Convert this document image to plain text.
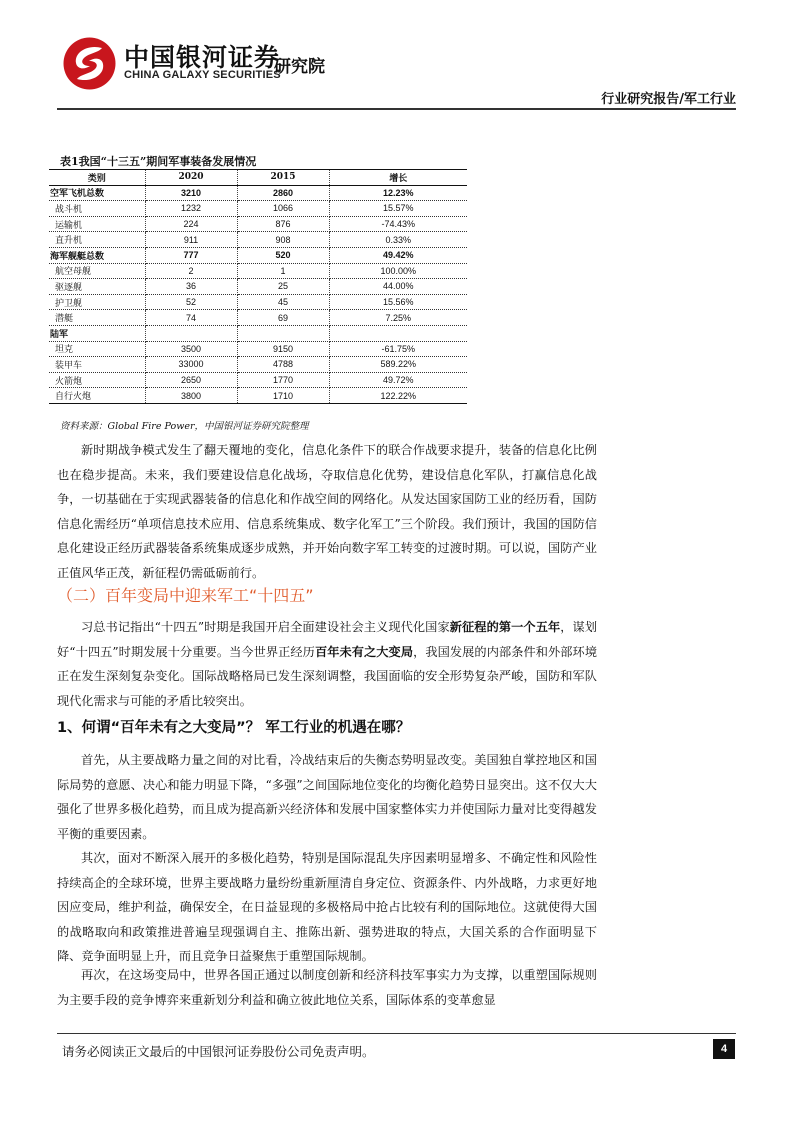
中国银河证券
CHINA GALAXY SECURITIES
研究院
行业研究报告/军工行业
表1我国“十三五”期间军事装备发展情况
类别	2020	2015	增长
空军飞机总数	3210	2860	12.23%
战斗机	1232	1066	15.57%
运输机	224	876	-74.43%
直升机	911	908	0.33%
海军舰艇总数	777	520	49.42%
航空母舰	2	1	100.00%
驱逐舰	36	25	44.00%
护卫舰	52	45	15.56%
潜艇	74	69	7.25%
陆军			
坦克	3500	9150	-61.75%
装甲车	33000	4788	589.22%
火箭炮	2650	1770	49.72%
自行火炮	3800	1710	122.22%
资料来源：Global Fire Power，中国银河证券研究院整理
新时期战争模式发生了翻天覆地的变化，信息化条件下的联合作战要求提升，装备的信息化比例也在稳步提高。未来，我们要建设信息化战场，夺取信息化优势，建设信息化军队，打赢信息化战争，一切基础在于实现武器装备的信息化和作战空间的网络化。从发达国家国防工业的经历看，国防信息化需经历“单项信息技术应用、信息系统集成、数字化军工”三个阶段。我们预计，我国的国防信息化建设正经历武器装备系统集成逐步成熟，并开始向数字军工转变的过渡时期。可以说，国防产业正值风华正茂，新征程仍需砥砺前行。
（二）百年变局中迎来军工“十四五”
习总书记指出“十四五”时期是我国开启全面建设社会主义现代化国家新征程的第一个五年，谋划好“十四五”时期发展十分重要。当今世界正经历百年未有之大变局，我国发展的内部条件和外部环境正在发生深刻复杂变化。国际战略格局已发生深刻调整，我国面临的安全形势复杂严峻，国防和军队现代化需求与可能的矛盾比较突出。
1、何谓“百年未有之大变局”？ 军工行业的机遇在哪？
首先，从主要战略力量之间的对比看，冷战结束后的失衡态势明显改变。美国独自掌控地区和国际局势的意愿、决心和能力明显下降，“多强”之间国际地位变化的均衡化趋势日显突出。这不仅大大强化了世界多极化趋势，而且成为提高新兴经济体和发展中国家整体实力并使国际力量对比变得越发平衡的重要因素。
其次，面对不断深入展开的多极化趋势，特别是国际混乱失序因素明显增多、不确定性和风险性持续高企的全球环境，世界主要战略力量纷纷重新厘清自身定位、资源条件、内外战略，力求更好地因应变局，维护利益，确保安全，在日益显现的多极格局中抢占比较有利的国际地位。这就使得大国的战略取向和政策推进普遍呈现强调自主、推陈出新、强势进取的特点，大国关系的合作面明显下降、竞争面明显上升，而且竞争日益聚焦于重塑国际规制。
再次，在这场变局中，世界各国正通过以制度创新和经济科技军事实力为支撑，以重塑国际规则为主要手段的竞争博弈来重新划分利益和确立彼此地位关系，国际体系的变革愈显
请务必阅读正文最后的中国银河证券股份公司免责声明。	4
